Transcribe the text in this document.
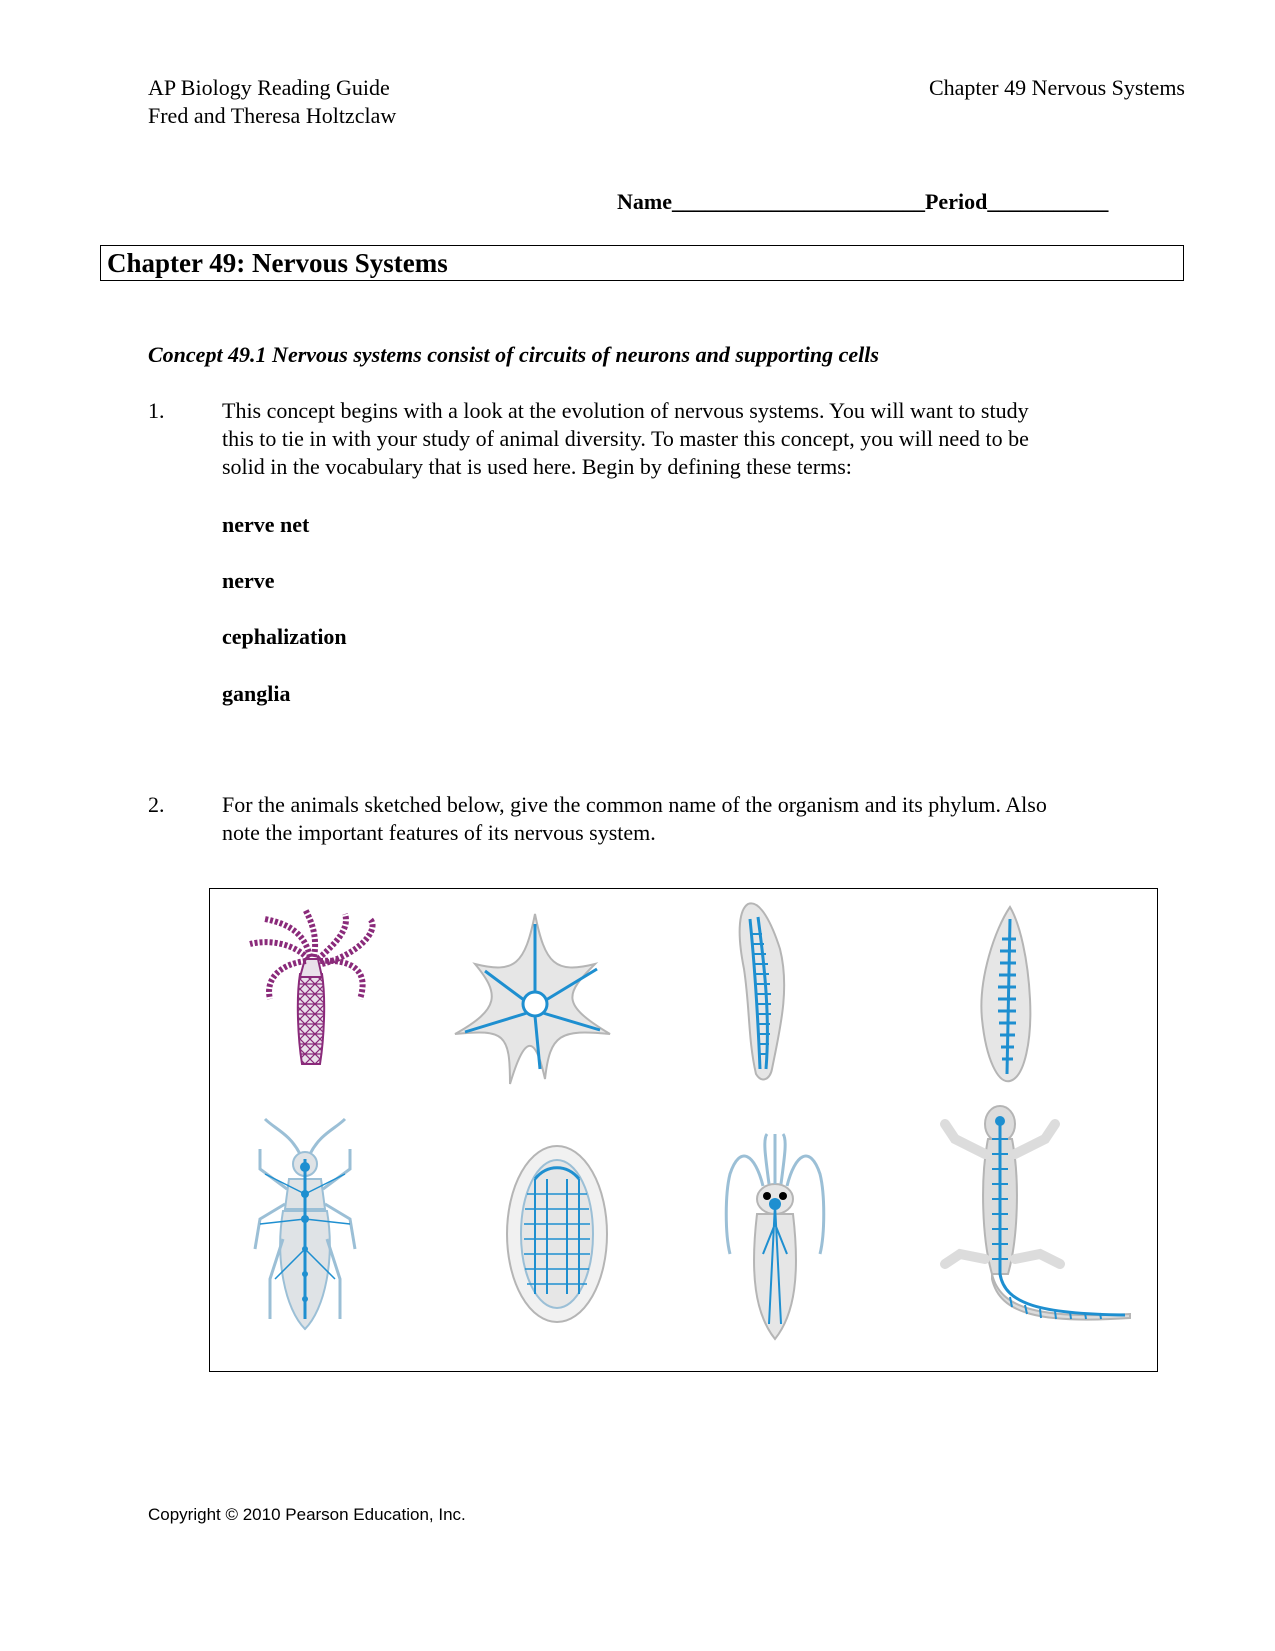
AP Biology Reading Guide
Fred and Theresa Holtzclaw
Chapter 49 Nervous Systems
Name_______________________Period___________
Chapter 49: Nervous Systems
Concept 49.1 Nervous systems consist of circuits of neurons and supporting cells
1.	This concept begins with a look at the evolution of nervous systems. You will want to study
this to tie in with your study of animal diversity. To master this concept, you will need to be
solid in the vocabulary that is used here. Begin by defining these terms:
nerve net
nerve
cephalization
ganglia
2.	For the animals sketched below, give the common name of the organism and its phylum. Also
note the important features of its nervous system.
Copyright © 2010 Pearson Education, Inc.
